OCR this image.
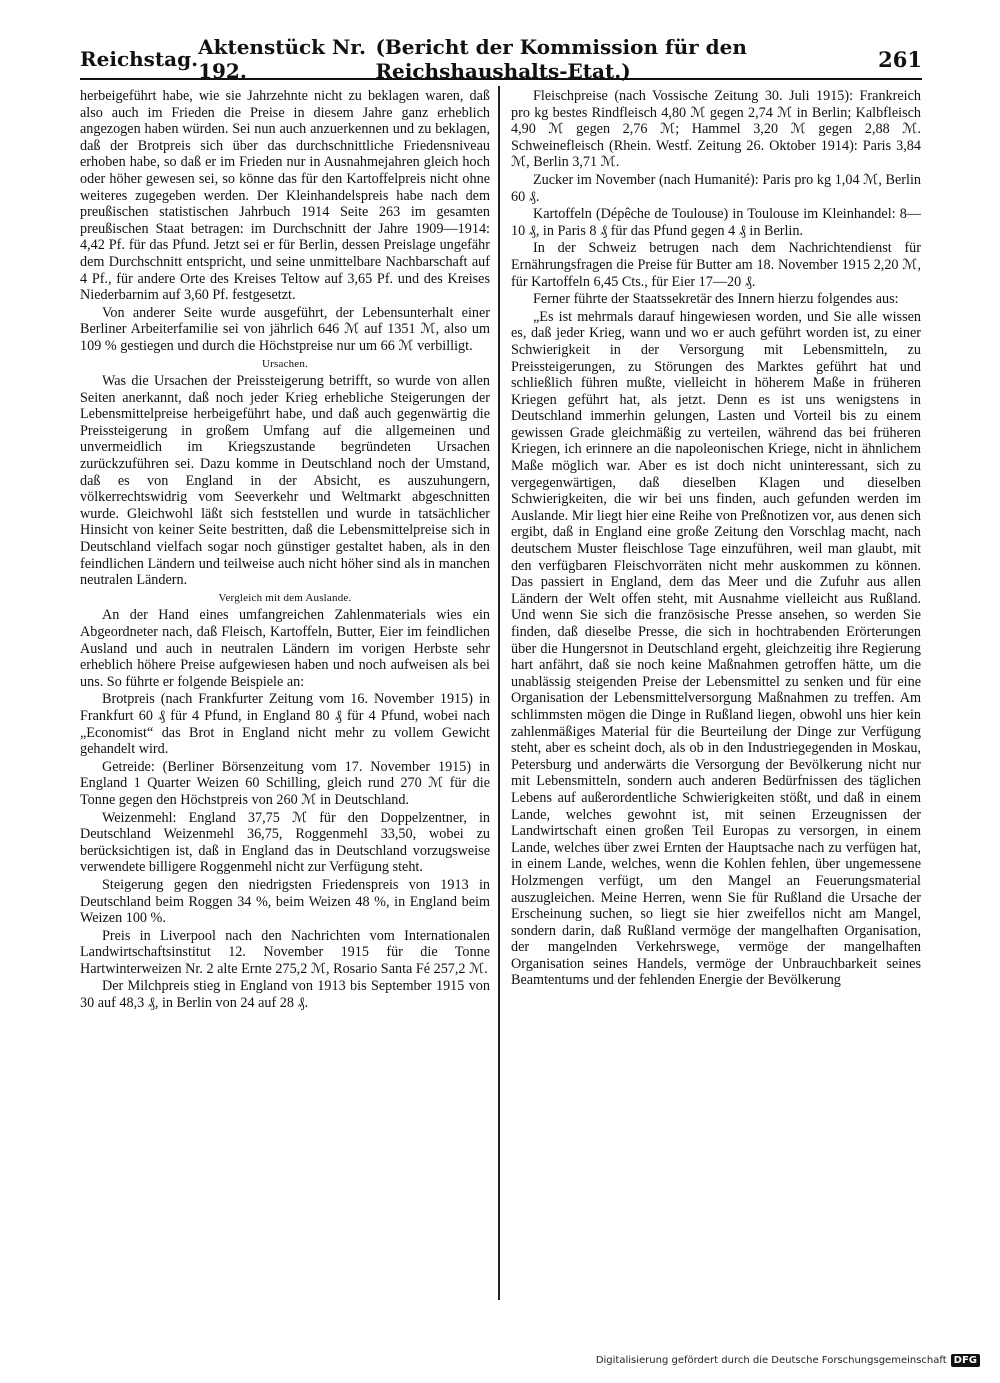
Reichstag. Aktenstück Nr. 192.
(Bericht der Kommission für den Reichshaushalts-Etat.)	261

herbeigeführt habe, wie sie Jahrzehnte nicht zu beklagen waren, daß also auch im Frieden die Preise in diesem Jahre ganz erheblich angezogen haben würden. Sei nun auch anzuerkennen und zu beklagen, daß der Brotpreis sich über das durchschnittliche Friedensniveau erhoben habe, so daß er im Frieden nur in Ausnahmejahren gleich hoch oder höher gewesen sei, so könne das für den Kartoffelpreis nicht ohne weiteres zugegeben werden. Der Kleinhandelspreis habe nach dem preußischen statistischen Jahrbuch 1914 Seite 263 im gesamten preußischen Staat betragen: im Durchschnitt der Jahre 1909—1914: 4,42 Pf. für das Pfund. Jetzt sei er für Berlin, dessen Preislage ungefähr dem Durchschnitt entspricht, und seine unmittelbare Nachbarschaft auf 4 Pf., für andere Orte des Kreises Teltow auf 3,65 Pf. und des Kreises Niederbarnim auf 3,60 Pf. festgesetzt.

Von anderer Seite wurde ausgeführt, der Lebensunterhalt einer Berliner Arbeiterfamilie sei von jährlich 646 ℳ auf 1351 ℳ, also um 109 % gestiegen und durch die Höchstpreise nur um 66 ℳ verbilligt.

Ursachen.

Was die Ursachen der Preissteigerung betrifft, so wurde von allen Seiten anerkannt, daß noch jeder Krieg erhebliche Steigerungen der Lebensmittelpreise herbeigeführt habe, und daß auch gegenwärtig die Preissteigerung in großem Umfang auf die allgemeinen und unvermeidlich im Kriegszustande begründeten Ursachen zurückzuführen sei. Dazu komme in Deutschland noch der Umstand, daß es von England in der Absicht, es auszuhungern, völkerrechtswidrig vom Seeverkehr und Weltmarkt abgeschnitten wurde. Gleichwohl läßt sich feststellen und wurde in tatsächlicher Hinsicht von keiner Seite bestritten, daß die Lebensmittelpreise sich in Deutschland vielfach sogar noch günstiger gestaltet haben, als in den feindlichen Ländern und teilweise auch nicht höher sind als in manchen neutralen Ländern.

Vergleich mit dem Auslande.

An der Hand eines umfangreichen Zahlenmaterials wies ein Abgeordneter nach, daß Fleisch, Kartoffeln, Butter, Eier im feindlichen Ausland und auch in neutralen Ländern im vorigen Herbste sehr erheblich höhere Preise aufgewiesen haben und noch aufweisen als bei uns. So führte er folgende Beispiele an:

Brotpreis (nach Frankfurter Zeitung vom 16. November 1915) in Frankfurt 60 ₰ für 4 Pfund, in England 80 ₰ für 4 Pfund, wobei nach „Economist“ das Brot in England nicht mehr zu vollem Gewicht gehandelt wird.

Getreide: (Berliner Börsenzeitung vom 17. November 1915) in England 1 Quarter Weizen 60 Schilling, gleich rund 270 ℳ für die Tonne gegen den Höchstpreis von 260 ℳ in Deutschland.

Weizenmehl: England 37,75 ℳ für den Doppelzentner, in Deutschland Weizenmehl 36,75, Roggenmehl 33,50, wobei zu berücksichtigen ist, daß in England das in Deutschland vorzugsweise verwendete billigere Roggenmehl nicht zur Verfügung steht.

Steigerung gegen den niedrigsten Friedenspreis von 1913 in Deutschland beim Roggen 34 %, beim Weizen 48 %, in England beim Weizen 100 %.

Preis in Liverpool nach den Nachrichten vom Internationalen Landwirtschaftsinstitut 12. November 1915 für die Tonne Hartwinterweizen Nr. 2 alte Ernte 275,2 ℳ, Rosario Santa Fé 257,2 ℳ.

Der Milchpreis stieg in England von 1913 bis September 1915 von 30 auf 48,3 ₰, in Berlin von 24 auf 28 ₰.

Fleischpreise (nach Vossische Zeitung 30. Juli 1915): Frankreich pro kg bestes Rindfleisch 4,80 ℳ gegen 2,74 ℳ in Berlin; Kalbfleisch 4,90 ℳ gegen 2,76 ℳ; Hammel 3,20 ℳ gegen 2,88 ℳ. Schweinefleisch (Rhein. Westf. Zeitung 26. Oktober 1914): Paris 3,84 ℳ, Berlin 3,71 ℳ.

Zucker im November (nach Humanité): Paris pro kg 1,04 ℳ, Berlin 60 ₰.

Kartoffeln (Dépêche de Toulouse) in Toulouse im Kleinhandel: 8—10 ₰, in Paris 8 ₰ für das Pfund gegen 4 ₰ in Berlin.

In der Schweiz betrugen nach dem Nachrichtendienst für Ernährungsfragen die Preise für Butter am 18. November 1915 2,20 ℳ, für Kartoffeln 6,45 Cts., für Eier 17—20 ₰.

Ferner führte der Staatssekretär des Innern hierzu folgendes aus:

„Es ist mehrmals darauf hingewiesen worden, und Sie alle wissen es, daß jeder Krieg, wann und wo er auch geführt worden ist, zu einer Schwierigkeit in der Versorgung mit Lebensmitteln, zu Preissteigerungen, zu Störungen des Marktes geführt hat und schließlich führen mußte, vielleicht in höherem Maße in früheren Kriegen geführt hat, als jetzt. Denn es ist uns wenigstens in Deutschland immerhin gelungen, Lasten und Vorteil bis zu einem gewissen Grade gleichmäßig zu verteilen, während das bei früheren Kriegen, ich erinnere an die napoleonischen Kriege, nicht in ähnlichem Maße möglich war. Aber es ist doch nicht uninteressant, sich zu vergegenwärtigen, daß dieselben Klagen und dieselben Schwierigkeiten, die wir bei uns finden, auch gefunden werden im Auslande. Mir liegt hier eine Reihe von Preßnotizen vor, aus denen sich ergibt, daß in England eine große Zeitung den Vorschlag macht, nach deutschem Muster fleischlose Tage einzuführen, weil man glaubt, mit den verfügbaren Fleischvorräten nicht mehr auskommen zu können. Das passiert in England, dem das Meer und die Zufuhr aus allen Ländern der Welt offen steht, mit Ausnahme vielleicht aus Rußland. Und wenn Sie sich die französische Presse ansehen, so werden Sie finden, daß dieselbe Presse, die sich in hochtrabenden Erörterungen über die Hungersnot in Deutschland ergeht, gleichzeitig ihre Regierung hart anfährt, daß sie noch keine Maßnahmen getroffen hätte, um die unablässig steigenden Preise der Lebensmittel zu senken und für eine Organisation der Lebensmittelversorgung Maßnahmen zu treffen. Am schlimmsten mögen die Dinge in Rußland liegen, obwohl uns hier kein zahlenmäßiges Material für die Beurteilung der Dinge zur Verfügung steht, aber es scheint doch, als ob in den Industriegegenden in Moskau, Petersburg und anderwärts die Versorgung der Bevölkerung nicht nur mit Lebensmitteln, sondern auch anderen Bedürfnissen des täglichen Lebens auf außerordentliche Schwierigkeiten stößt, und daß in einem Lande, welches gewohnt ist, mit seinen Erzeugnissen der Landwirtschaft einen großen Teil Europas zu versorgen, in einem Lande, welches über zwei Ernten der Hauptsache nach zu verfügen hat, in einem Lande, welches, wenn die Kohlen fehlen, über ungemessene Holzmengen verfügt, um den Mangel an Feuerungsmaterial auszugleichen. Meine Herren, wenn Sie für Rußland die Ursache der Erscheinung suchen, so liegt sie hier zweifellos nicht am Mangel, sondern darin, daß Rußland vermöge der mangelhaften Organisation, der mangelnden Verkehrswege, vermöge der mangelhaften Organisation seines Handels, vermöge der Unbrauchbarkeit seines Beamtentums und der fehlenden Energie der Bevölkerung

Digitalisierung gefördert durch die Deutsche Forschungsgemeinschaft DFG
